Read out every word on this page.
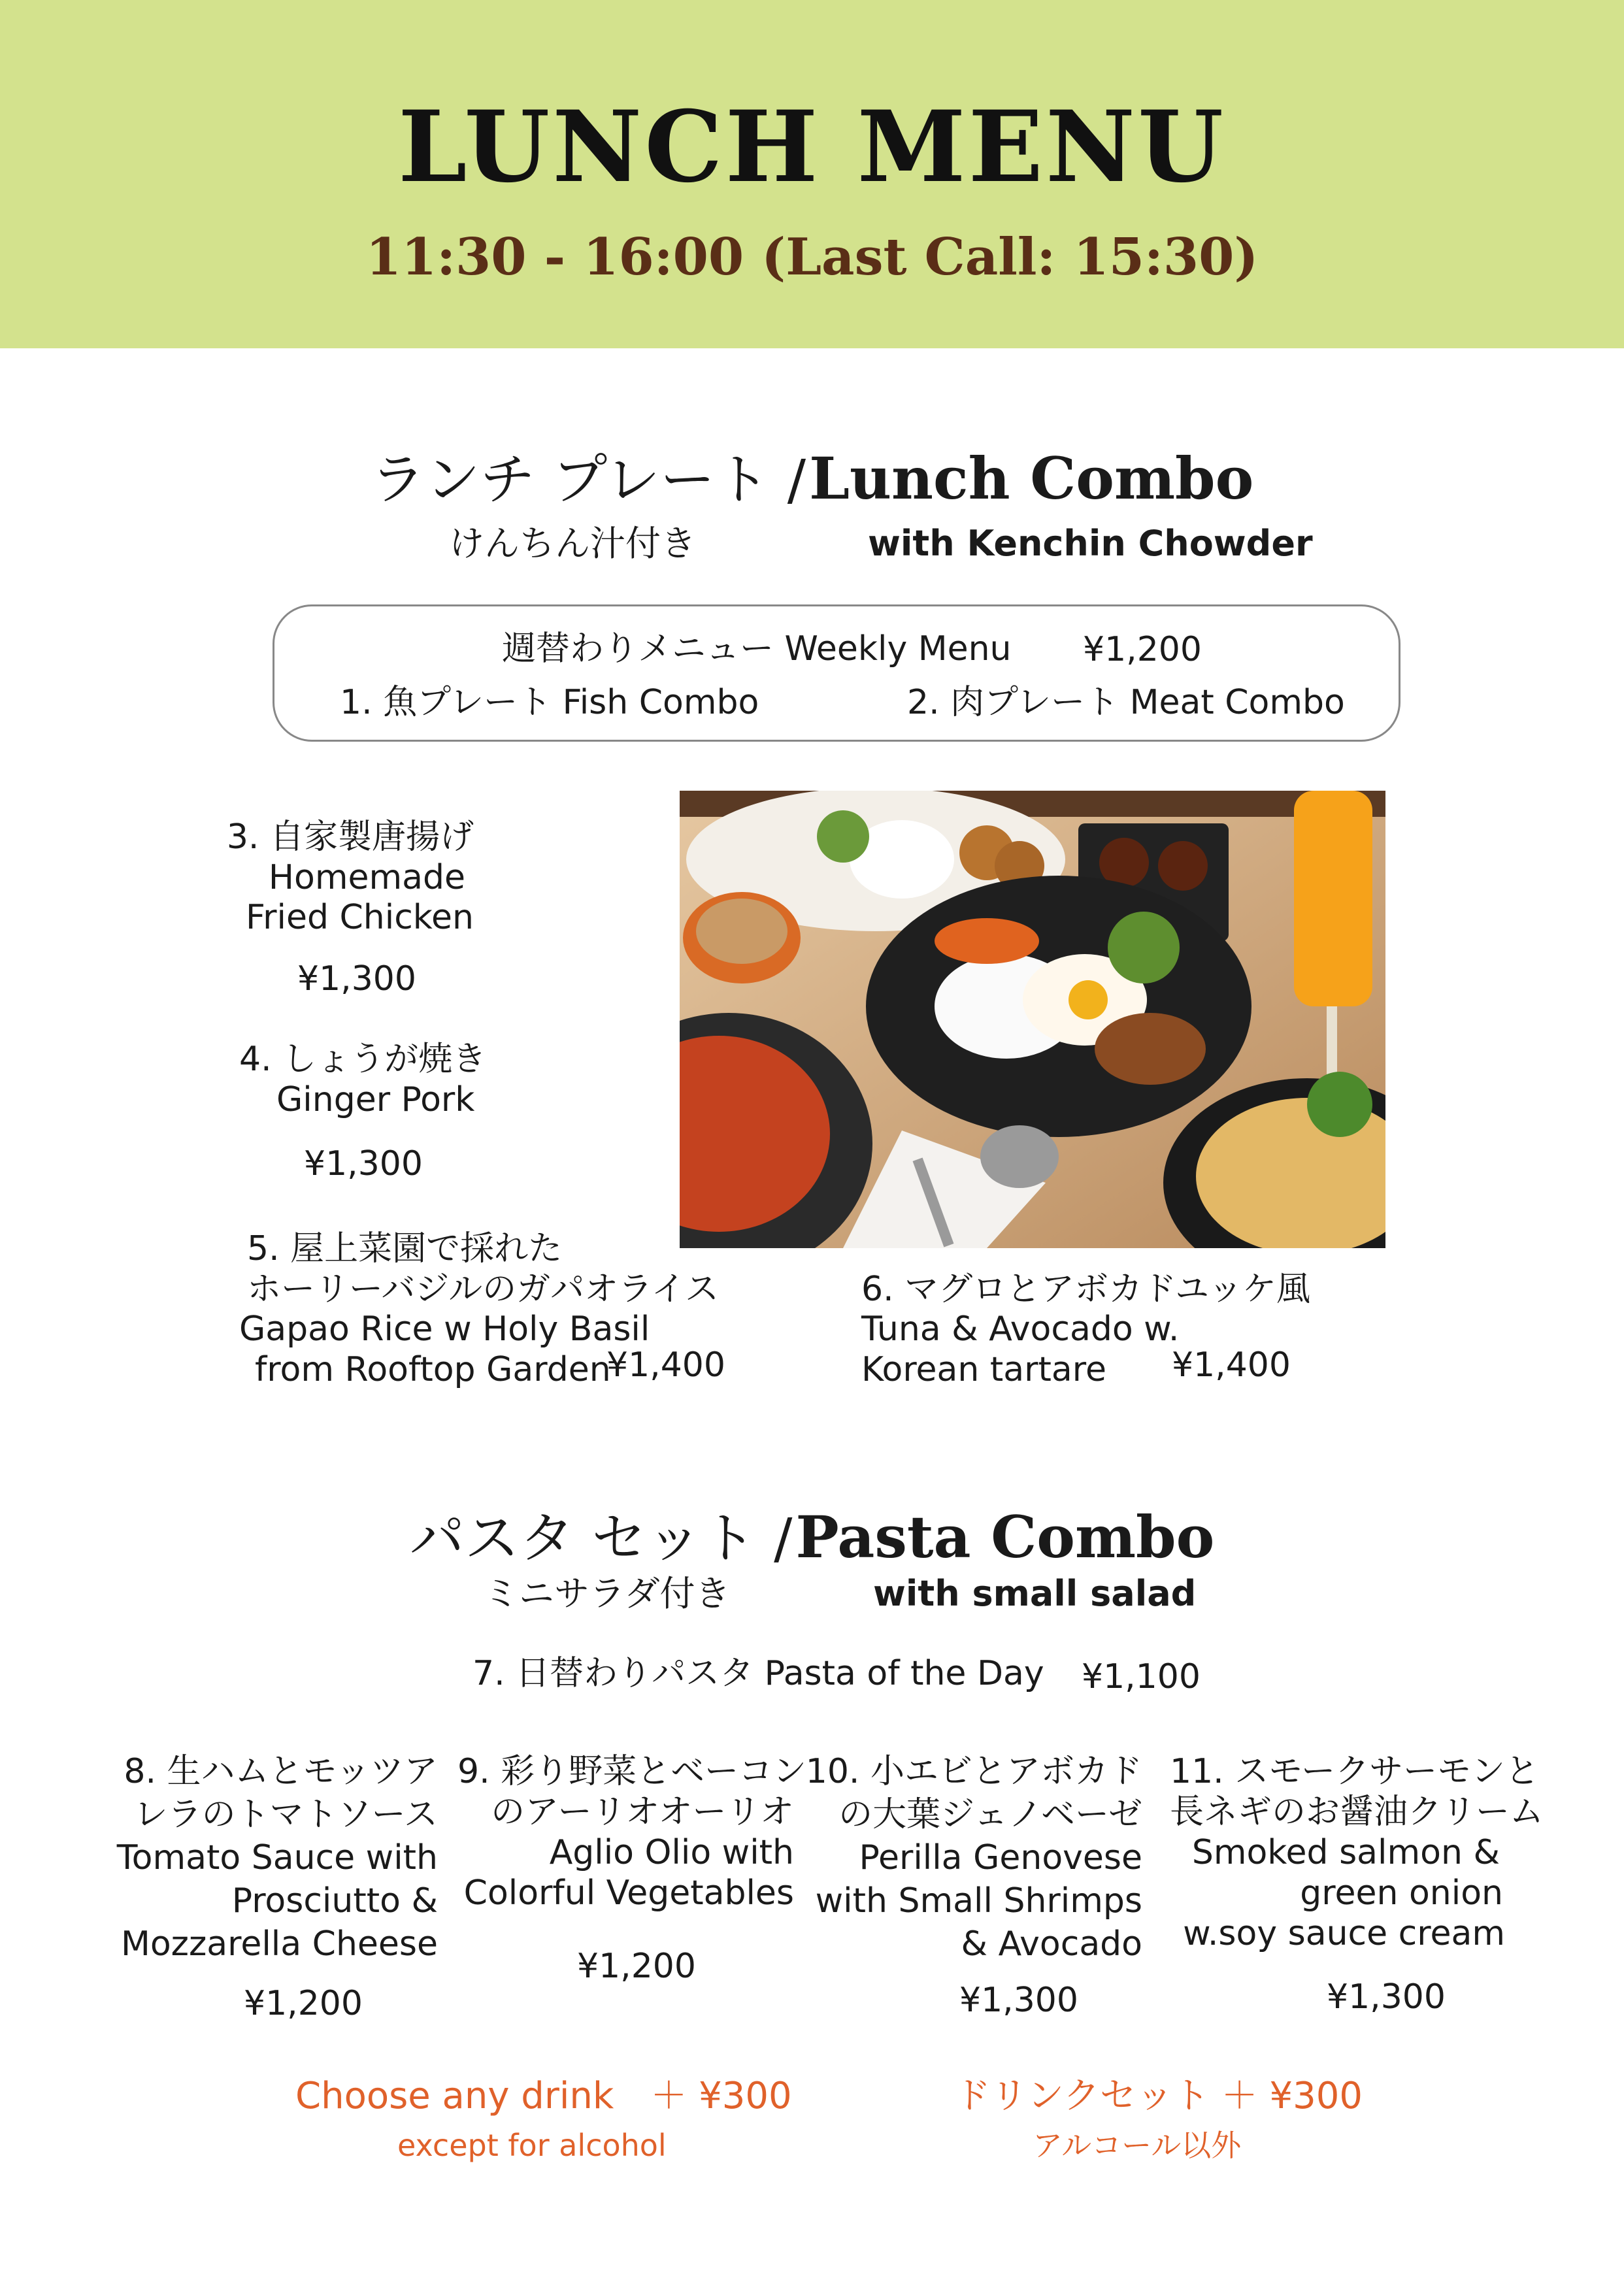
LUNCH MENU
11:30 - 16:00 (Last Call: 15:30)
ランチ プレート / Lunch Combo
けんちん汁付き	with Kenchin Chowder
週替わりメニュー Weekly Menu ¥1,200
1. 魚プレート Fish Combo	2. 肉プレート Meat Combo
3. 自家製唐揚げ
Homemade
Fried Chicken
¥1,300
4. しょうが焼き
Ginger Pork
¥1,300
5. 屋上菜園で採れた
ホーリーバジルのガパオライス
Gapao Rice w Holy Basil
from Rooftop Garden
¥1,400
6. マグロとアボカドユッケ風
Tuna & Avocado w.
Korean tartare ¥1,400
パスタ セット / Pasta Combo
ミニサラダ付き	with small salad
7. 日替わりパスタ Pasta of the Day ¥1,100
8. 生ハムとモッツア
レラのトマトソース
Tomato Sauce with
Prosciutto &
Mozzarella Cheese
¥1,200
9. 彩り野菜とベーコン
のアーリオオーリオ
Aglio Olio with
Colorful Vegetables
¥1,200
10. 小エビとアボカド
の大葉ジェノベーゼ
Perilla Genovese
with Small Shrimps
& Avocado
¥1,300
11. スモークサーモンと
長ネギのお醤油クリーム
Smoked salmon &
green onion
w.soy sauce cream
¥1,300
Choose any drink　＋ ¥300
except for alcohol
ドリンクセット ＋ ¥300
アルコール以外
